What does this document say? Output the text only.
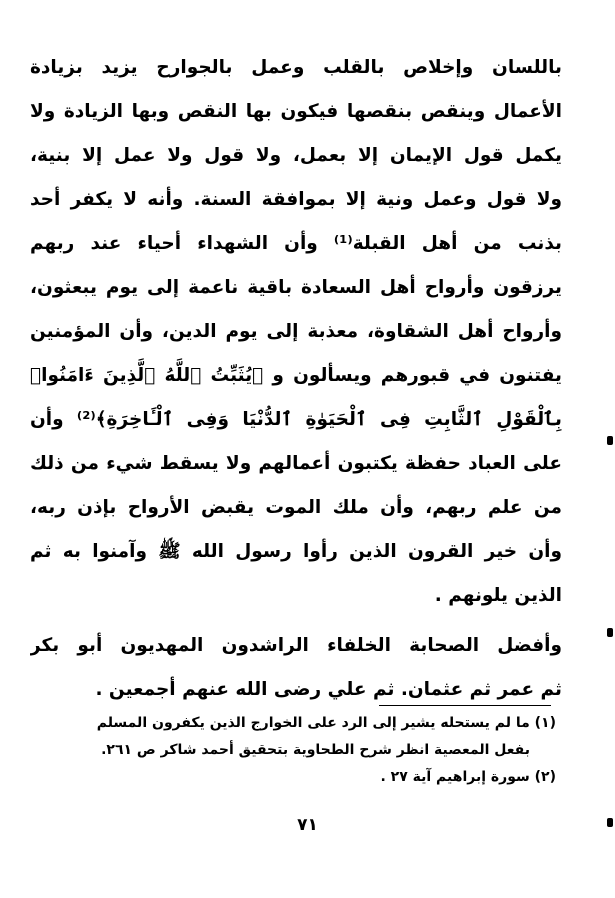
باللسان وإخلاص بالقلب وعمل بالجوارح يزيد بزيادة
الأعمال وينقص بنقصها فيكون بها النقص وبها الزيادة ولا
يكمل قول الإيمان إلا بعمل، ولا قول ولا عمل إلا بنية،
ولا قول وعمل ونية إلا بموافقة السنة. وأنه لا يكفر أحد
بذنب من أهل القبلة⁽¹⁾ وأن الشهداء أحياء عند ربهم
يرزقون وأرواح أهل السعادة باقية ناعمة إلى يوم يبعثون،
وأرواح أهل الشقاوة، معذبة إلى يوم الدين، وأن المؤمنين
يفتنون في قبورهم ويسألون و ﴿يُثَبِّتُ ٱللَّهُ ٱلَّذِينَ ءَامَنُوا۟
بِٱلْقَوْلِ ٱلثَّابِتِ فِى ٱلْحَيَوٰةِ ٱلدُّنْيَا وَفِى ٱلْـَٔاخِرَةِ﴾⁽²⁾ وأن
على العباد حفظة يكتبون أعمالهم ولا يسقط شيء من ذلك
من علم ربهم، وأن ملك الموت يقبض الأرواح بإذن ربه،
وأن خير القرون الذين رأوا رسول الله ﷺ وآمنوا به ثم
الذين يلونهم .
وأفضل الصحابة الخلفاء الراشدون المهديون أبو بكر
ثم عمر ثم عثمان. ثم علي رضى الله عنهم أجمعين .
(١) ما لم يستحله يشير إلى الرد على الخوارج الذين يكفرون المسلم
بفعل المعصية انظر شرح الطحاوية بتحقيق أحمد شاكر ص ٢٦١.
(٢) سورة إبراهيم آية ٢٧ .
٧١
